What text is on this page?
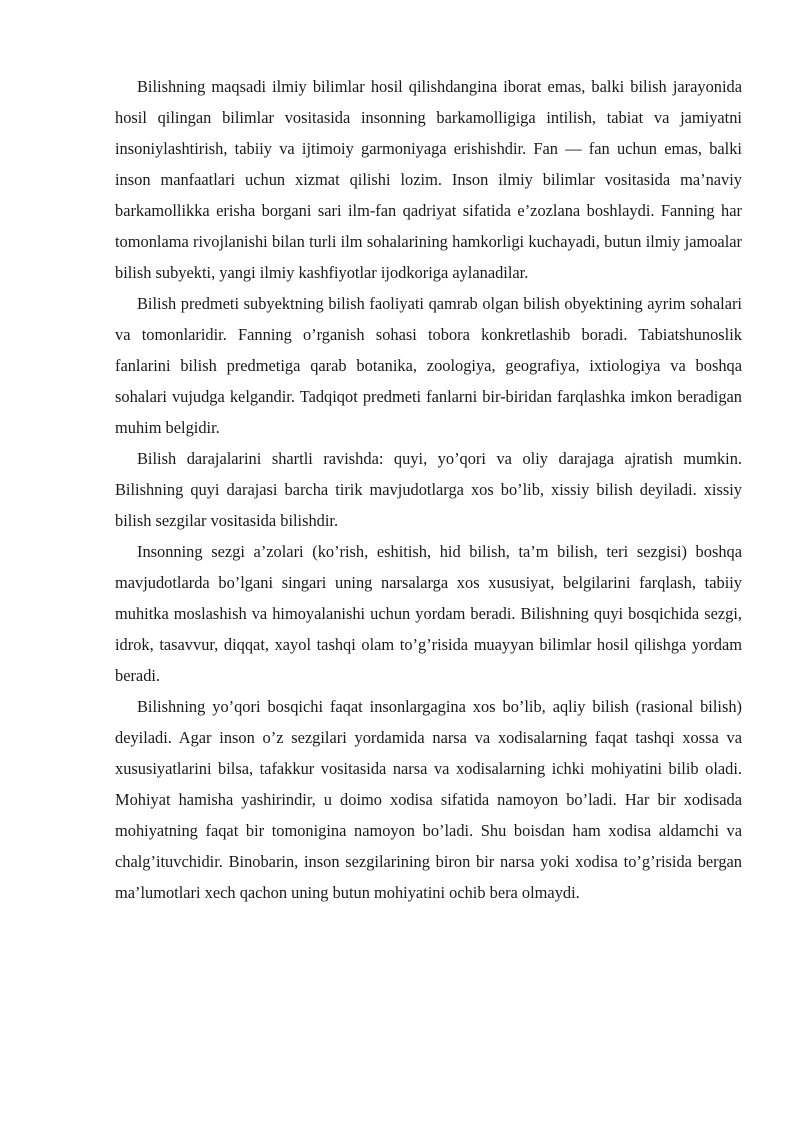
Bilishning maqsadi ilmiy bilimlar hosil qilishdangina iborat emas, balki bilish jarayonida hosil qilingan bilimlar vositasida insonning barkamolligiga intilish, tabiat va jamiyatni insoniylashtirish, tabiiy va ijtimoiy garmoniyaga erishishdir. Fan — fan uchun emas, balki inson manfaatlari uchun xizmat qilishi lozim. Inson ilmiy bilimlar vositasida ma’naviy barkamollikka erisha borgani sari ilm-fan qadriyat sifatida e’zozlana boshlaydi. Fanning har tomonlama rivojlanishi bilan turli ilm sohalarining hamkorligi kuchayadi, butun ilmiy jamoalar bilish subyekti, yangi ilmiy kashfiyotlar ijodkoriga aylanadilar.

Bilish predmeti subyektning bilish faoliyati qamrab olgan bilish obyektining ayrim sohalari va tomonlaridir. Fanning o’rganish sohasi tobora konkretlashib boradi. Tabiatshunoslik fanlarini bilish predmetiga qarab botanika, zoologiya, geografiya, ixtiologiya va boshqa sohalari vujudga kelgandir. Tadqiqot predmeti fanlarni bir-biridan farqlashka imkon beradigan muhim belgidir.

Bilish darajalarini shartli ravishda: quyi, yo’qori va oliy darajaga ajratish mumkin. Bilishning quyi darajasi barcha tirik mavjudotlarga xos bo’lib, xissiy bilish deyiladi. xissiy bilish sezgilar vositasida bilishdir.

Insonning sezgi a’zolari (ko’rish, eshitish, hid bilish, ta’m bilish, teri sezgisi) boshqa mavjudotlarda bo’lgani singari uning narsalarga xos xususiyat, belgilarini farqlash, tabiiy muhitka moslashish va himoyalanishi uchun yordam beradi. Bilishning quyi bosqichida sezgi, idrok, tasavvur, diqqat, xayol tashqi olam to’g’risida muayyan bilimlar hosil qilishga yordam beradi.

Bilishning yo’qori bosqichi faqat insonlargagina xos bo’lib, aqliy bilish (rasional bilish) deyiladi. Agar inson o’z sezgilari yordamida narsa va xodisalarning faqat tashqi xossa va xususiyatlarini bilsa, tafakkur vositasida narsa va xodisalarning ichki mohiyatini bilib oladi. Mohiyat hamisha yashirindir, u doimo xodisa sifatida namoyon bo’ladi. Har bir xodisada mohiyatning faqat bir tomonigina namoyon bo’ladi. Shu boisdan ham xodisa aldamchi va chalg’ituvchidir. Binobarin, inson sezgilarining biron bir narsa yoki xodisa to’g’risida bergan ma’lumotlari xech qachon uning butun mohiyatini ochib bera olmaydi.
